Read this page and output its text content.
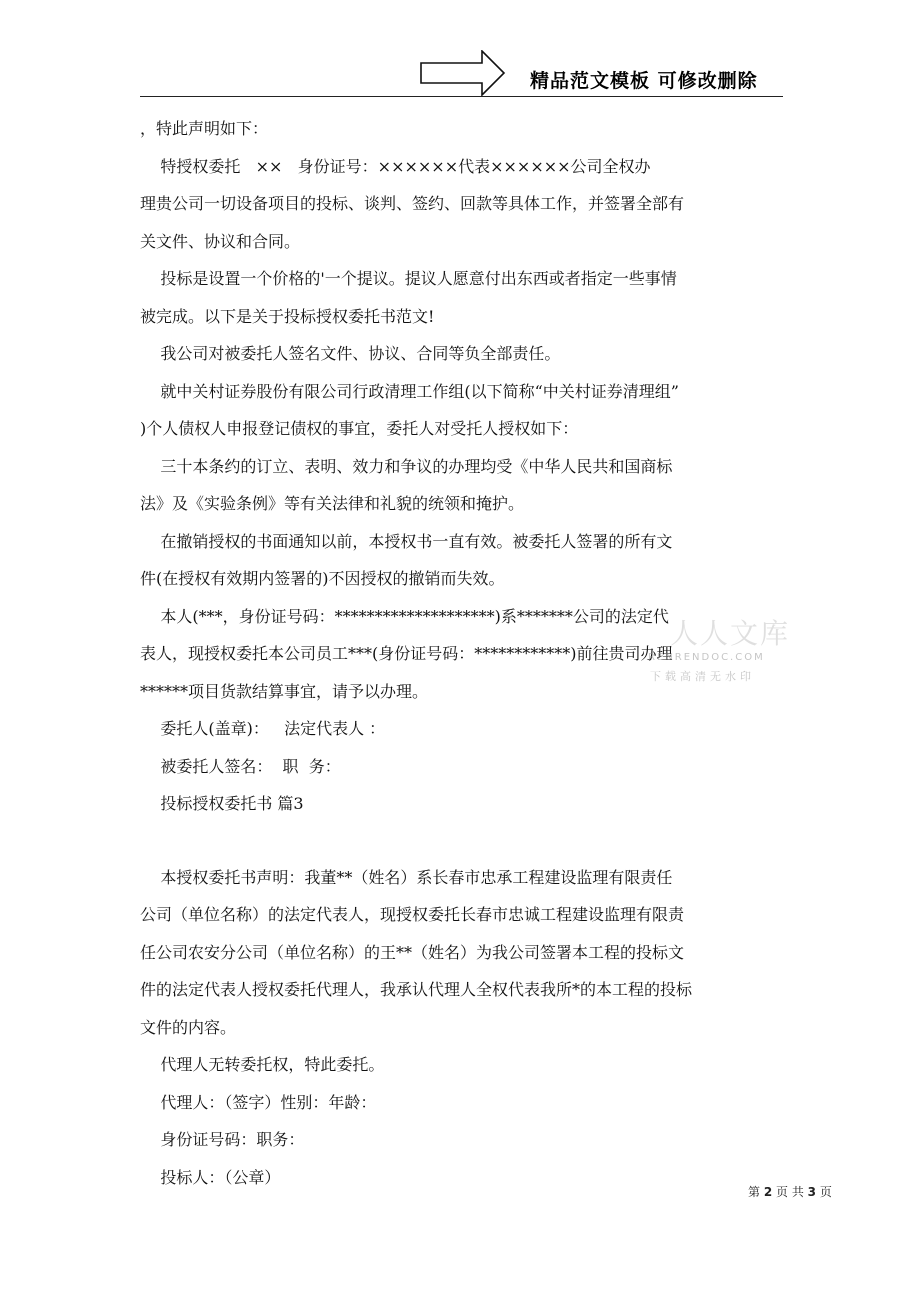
精品范文模板 可修改删除

，特此声明如下：

特授权委托   ××   身份证号：××××××代表××××××公司全权办

理贵公司一切设备项目的投标、谈判、签约、回款等具体工作，并签署全部有

关文件、协议和合同。

投标是设置一个价格的'一个提议。提议人愿意付出东西或者指定一些事情

被完成。以下是关于投标授权委托书范文!

我公司对被委托人签名文件、协议、合同等负全部责任。

就中关村证券股份有限公司行政清理工作组(以下简称“中关村证券清理组”

)个人债权人申报登记债权的事宜，委托人对受托人授权如下：

三十本条约的订立、表明、效力和争议的办理均受《中华人民共和国商标

法》及《实验条例》等有关法律和礼貌的统领和掩护。

在撤销授权的书面通知以前，本授权书一直有效。被委托人签署的所有文

件(在授权有效期内签署的)不因授权的撤销而失效。

本人(***，身份证号码：********************)系*******公司的法定代

表人，现授权委托本公司员工***(身份证号码：************)前往贵司办理

******项目货款结算事宜，请予以办理。

委托人(盖章)：   法定代表人 ：

被委托人签名：  职  务：

投标授权委托书 篇3

本授权委托书声明：我董**（姓名）系长春市忠承工程建设监理有限责任

公司（单位名称）的法定代表人，现授权委托长春市忠诚工程建设监理有限责

任公司农安分公司（单位名称）的王**（姓名）为我公司签署本工程的投标文

件的法定代表人授权委托代理人，我承认代理人全权代表我所*的本工程的投标

文件的内容。

代理人无转委托权，特此委托。

代理人：（签字）性别：年龄：

身份证号码：职务：

投标人：（公章）

人人文库
RENRENDOC.COM
下载高清无水印
第 2 页 共 3 页
